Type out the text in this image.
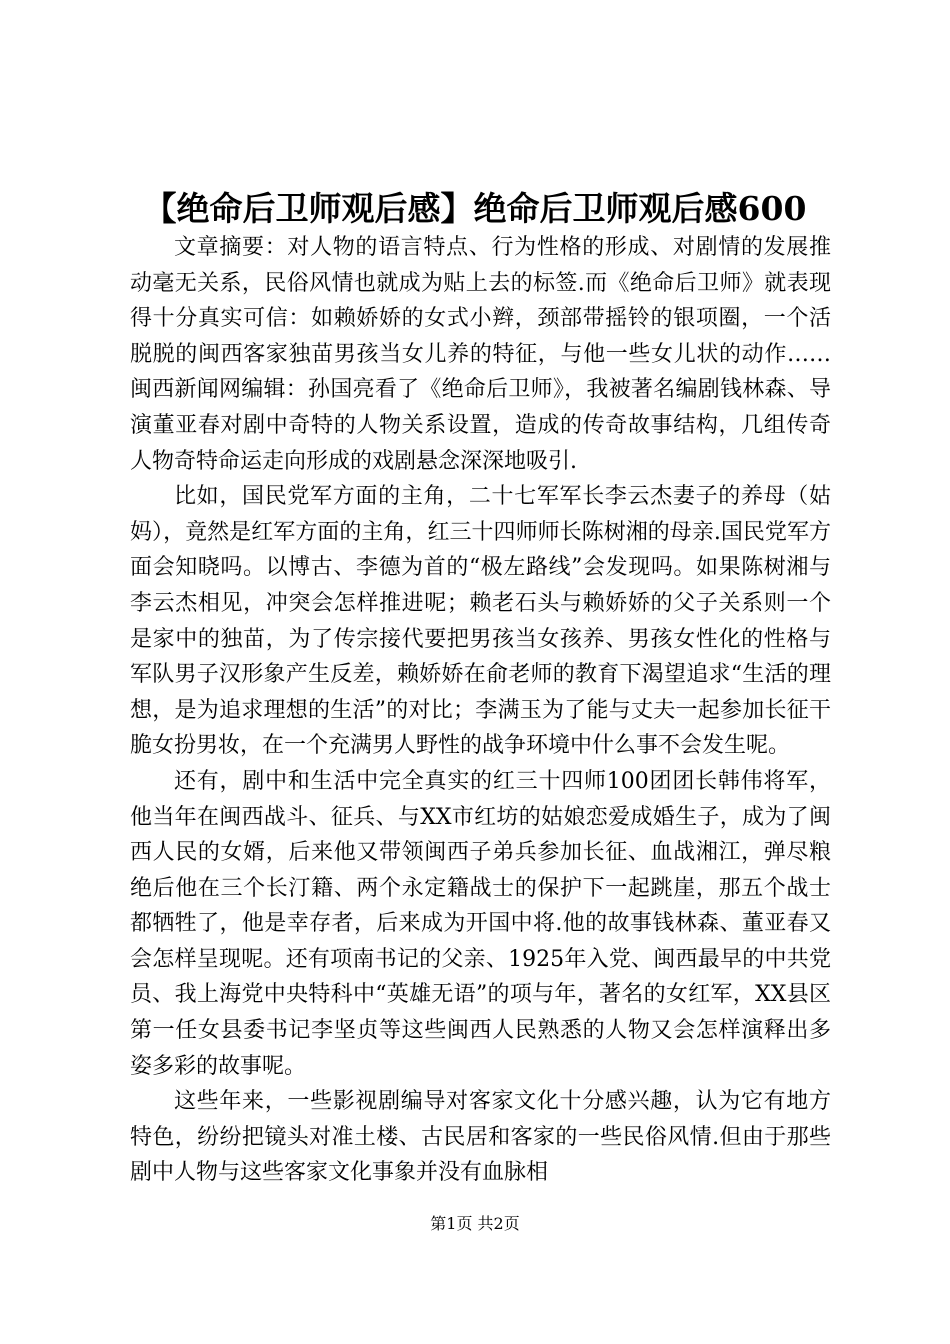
【绝命后卫师观后感】绝命后卫师观后感600

文章摘要：对人物的语言特点、行为性格的形成、对剧情的发展推动毫无关系，民俗风情也就成为贴上去的标签.而《绝命后卫师》就表现得十分真实可信：如赖娇娇的女式小辫，颈部带摇铃的银项圈，一个活脱脱的闽西客家独苗男孩当女儿养的特征，与他一些女儿状的动作……闽西新闻网编辑：孙国亮看了《绝命后卫师》，我被著名编剧钱林森、导演董亚春对剧中奇特的人物关系设置，造成的传奇故事结构，几组传奇人物奇特命运走向形成的戏剧悬念深深地吸引.

比如，国民党军方面的主角，二十七军军长李云杰妻子的养母（姑妈），竟然是红军方面的主角，红三十四师师长陈树湘的母亲.国民党军方面会知晓吗。以博古、李德为首的“极左路线”会发现吗。如果陈树湘与李云杰相见，冲突会怎样推进呢；赖老石头与赖娇娇的父子关系则一个是家中的独苗，为了传宗接代要把男孩当女孩养、男孩女性化的性格与军队男子汉形象产生反差，赖娇娇在俞老师的教育下渴望追求“生活的理想，是为追求理想的生活”的对比；李满玉为了能与丈夫一起参加长征干脆女扮男妆，在一个充满男人野性的战争环境中什么事不会发生呢。

还有，剧中和生活中完全真实的红三十四师100团团长韩伟将军，他当年在闽西战斗、征兵、与XX市红坊的姑娘恋爱成婚生子，成为了闽西人民的女婿，后来他又带领闽西子弟兵参加长征、血战湘江，弹尽粮绝后他在三个长汀籍、两个永定籍战士的保护下一起跳崖，那五个战士都牺牲了，他是幸存者，后来成为开国中将.他的故事钱林森、董亚春又会怎样呈现呢。还有项南书记的父亲、1925年入党、闽西最早的中共党员、我上海党中央特科中“英雄无语”的项与年，著名的女红军，XX县区第一任女县委书记李坚贞等这些闽西人民熟悉的人物又会怎样演释出多姿多彩的故事呢。

这些年来，一些影视剧编导对客家文化十分感兴趣，认为它有地方特色，纷纷把镜头对准土楼、古民居和客家的一些民俗风情.但由于那些剧中人物与这些客家文化事象并没有血脉相

第1页 共2页
